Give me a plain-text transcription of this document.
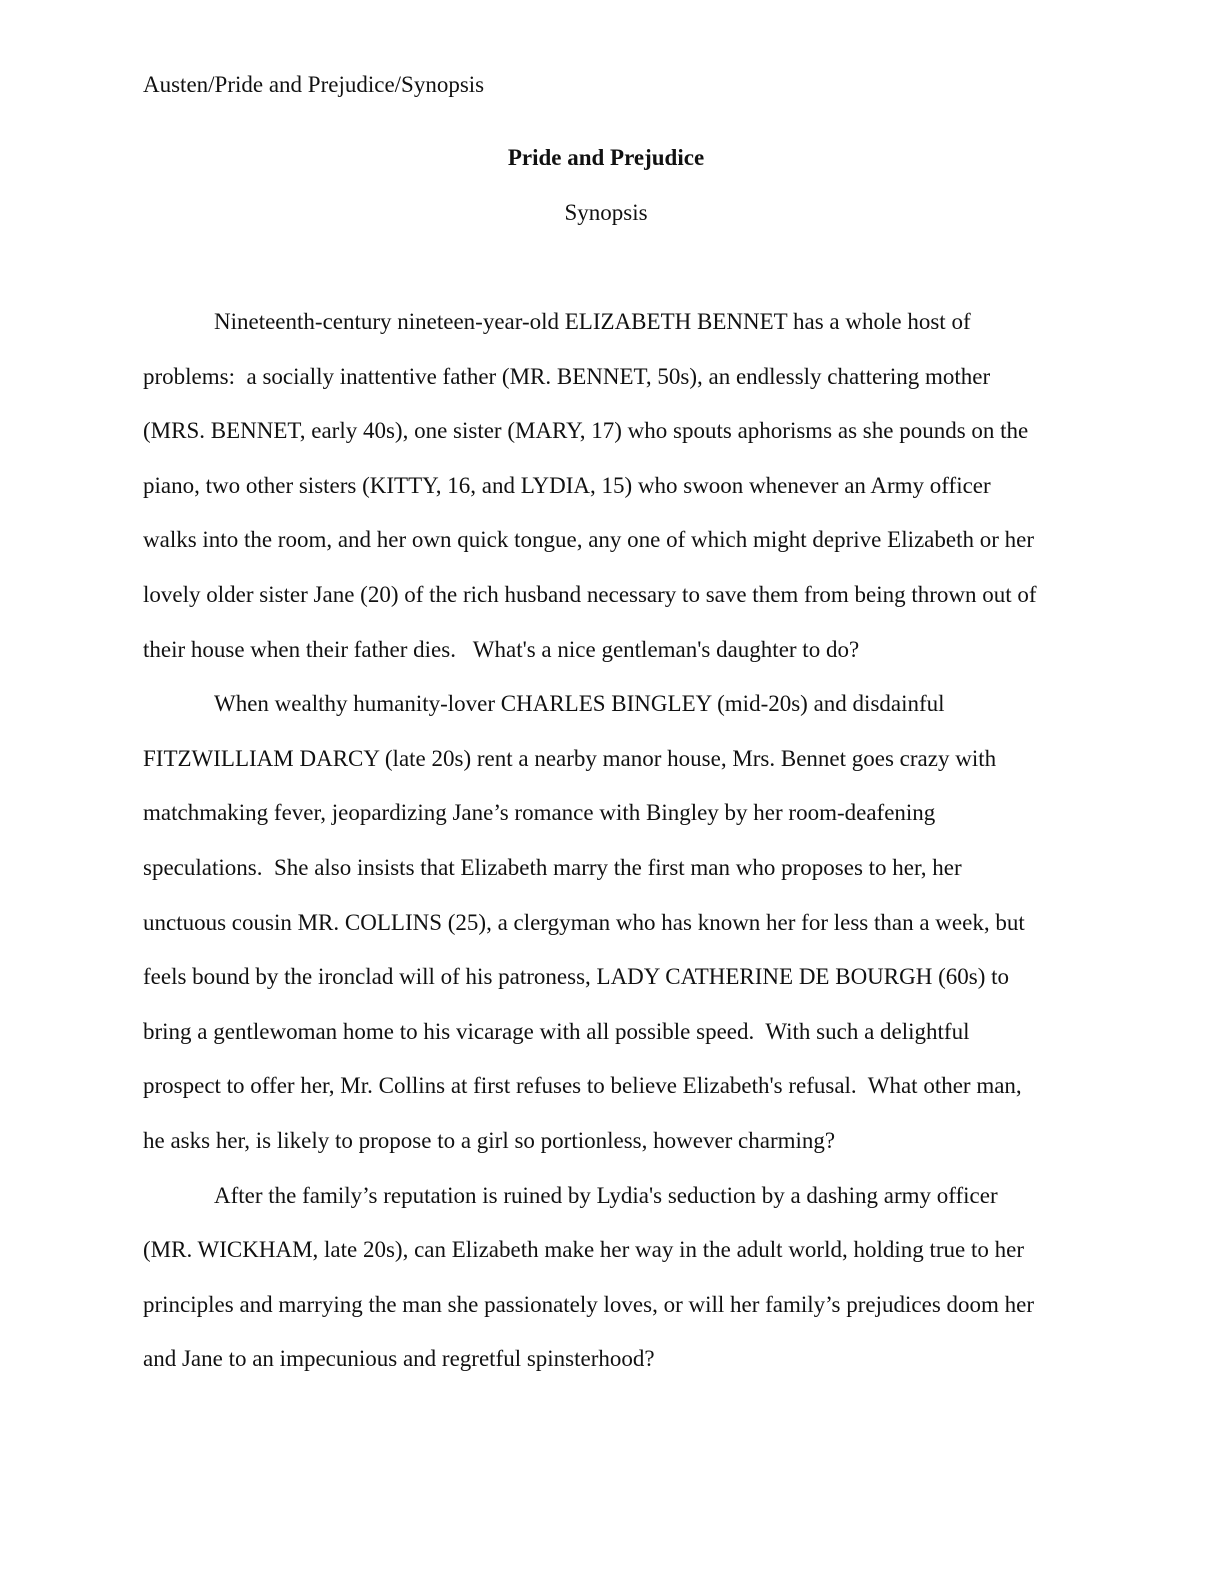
Austen/Pride and Prejudice/Synopsis
Pride and Prejudice
Synopsis
Nineteenth-century nineteen-year-old ELIZABETH BENNET has a whole host of
problems:  a socially inattentive father (MR. BENNET, 50s), an endlessly chattering mother
(MRS. BENNET, early 40s), one sister (MARY, 17) who spouts aphorisms as she pounds on the
piano, two other sisters (KITTY, 16, and LYDIA, 15) who swoon whenever an Army officer
walks into the room, and her own quick tongue, any one of which might deprive Elizabeth or her
lovely older sister Jane (20) of the rich husband necessary to save them from being thrown out of
their house when their father dies.   What's a nice gentleman's daughter to do?
When wealthy humanity-lover CHARLES BINGLEY (mid-20s) and disdainful
FITZWILLIAM DARCY (late 20s) rent a nearby manor house, Mrs. Bennet goes crazy with
matchmaking fever, jeopardizing Jane’s romance with Bingley by her room-deafening
speculations.  She also insists that Elizabeth marry the first man who proposes to her, her
unctuous cousin MR. COLLINS (25), a clergyman who has known her for less than a week, but
feels bound by the ironclad will of his patroness, LADY CATHERINE DE BOURGH (60s) to
bring a gentlewoman home to his vicarage with all possible speed.  With such a delightful
prospect to offer her, Mr. Collins at first refuses to believe Elizabeth's refusal.  What other man,
he asks her, is likely to propose to a girl so portionless, however charming?
After the family’s reputation is ruined by Lydia's seduction by a dashing army officer
(MR. WICKHAM, late 20s), can Elizabeth make her way in the adult world, holding true to her
principles and marrying the man she passionately loves, or will her family’s prejudices doom her
and Jane to an impecunious and regretful spinsterhood?
